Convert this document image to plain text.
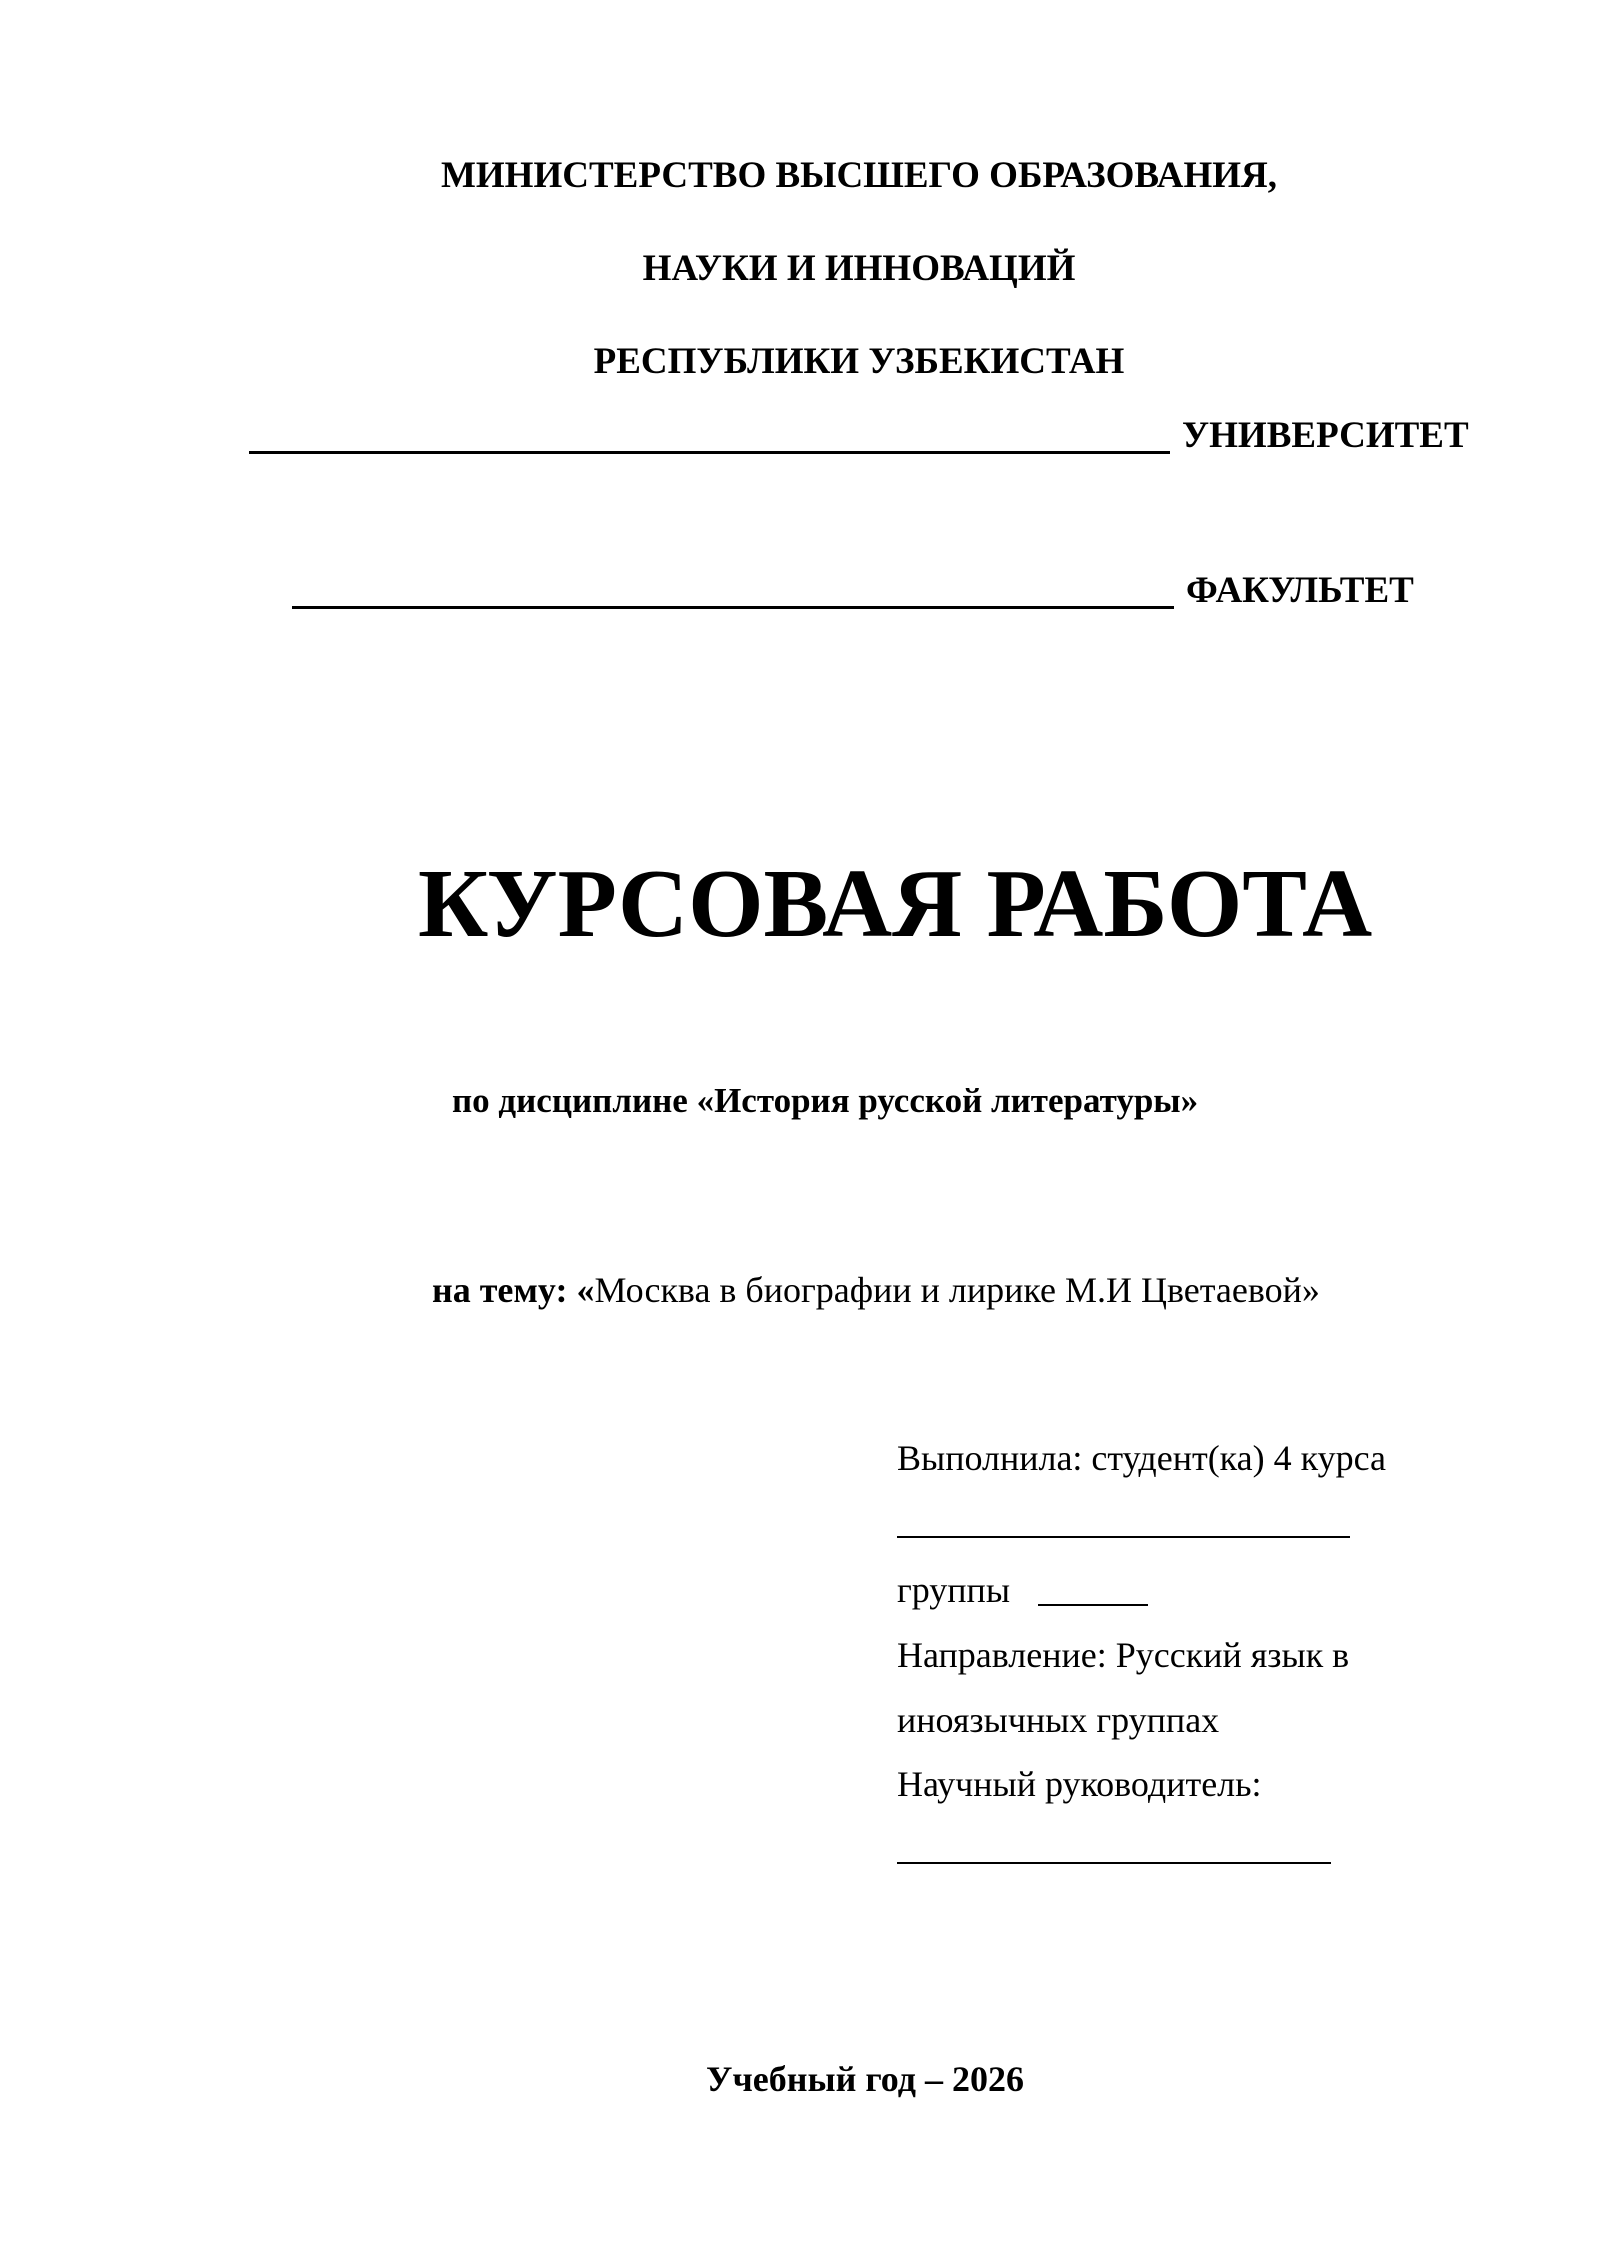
МИНИСТЕРСТВО ВЫСШЕГО ОБРАЗОВАНИЯ,
НАУКИ И ИННОВАЦИЙ
РЕСПУБЛИКИ УЗБЕКИСТАН
УНИВЕРСИТЕТ
ФАКУЛЬТЕТ
КУРСОВАЯ РАБОТА
по дисциплине «История русской литературы»
на тему: «Москва в биографии и лирике М.И Цветаевой»
Выполнила: студент(ка) 4 курса
группы
Направление: Русский язык в
иноязычных группах
Научный руководитель:
Учебный год – 2026
